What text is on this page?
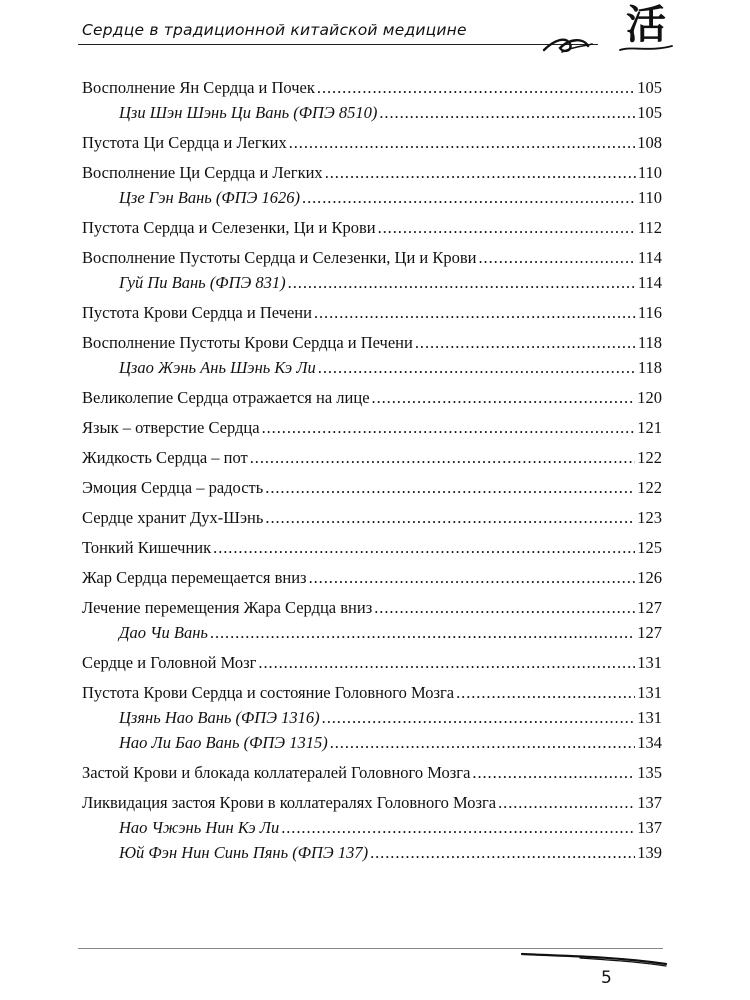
Сердце в традиционной китайской медицине	活
Восполнение Ян Сердца и Почек . . .	105
Цзи Шэн Шэнь Ци Вань (ФПЭ 8510) . . .	105
Пустота Ци Сердца и Легких . . .	108
Восполнение Ци Сердца и Легких . . .	110
Цзе Гэн Вань (ФПЭ 1626) . . .	110
Пустота Сердца и Селезенки, Ци и Крови . . .	112
Восполнение Пустоты Сердца и Селезенки, Ци и Крови . . .	114
Гуй Пи Вань (ФПЭ 831) . . .	114
Пустота Крови Сердца и Печени . . .	116
Восполнение Пустоты Крови Сердца и Печени . . .	118
Цзао Жэнь Ань Шэнь Кэ Ли . . .	118
Великолепие Сердца отражается на лице . . .	120
Язык – отверстие Сердца . . .	121
Жидкость Сердца – пот . . .	122
Эмоция Сердца – радость . . .	122
Сердце хранит Дух-Шэнь . . .	123
Тонкий Кишечник . . .	125
Жар Сердца перемещается вниз . . .	126
Лечение перемещения Жара Сердца вниз . . .	127
Дао Чи Вань . . .	127
Сердце и Головной Мозг . . .	131
Пустота Крови Сердца и состояние Головного Мозга . . .	131
Цзянь Нао Вань (ФПЭ 1316) . . .	131
Нао Ли Бао Вань (ФПЭ 1315) . . .	134
Застой Крови и блокада коллатералей Головного Мозга . . .	135
Ликвидация застоя Крови в коллатералях Головного Мозга . . .	137
Нао Чжэнь Нин Кэ Ли . . .	137
Юй Фэн Нин Синь Пянь (ФПЭ 137) . . .	139
5
